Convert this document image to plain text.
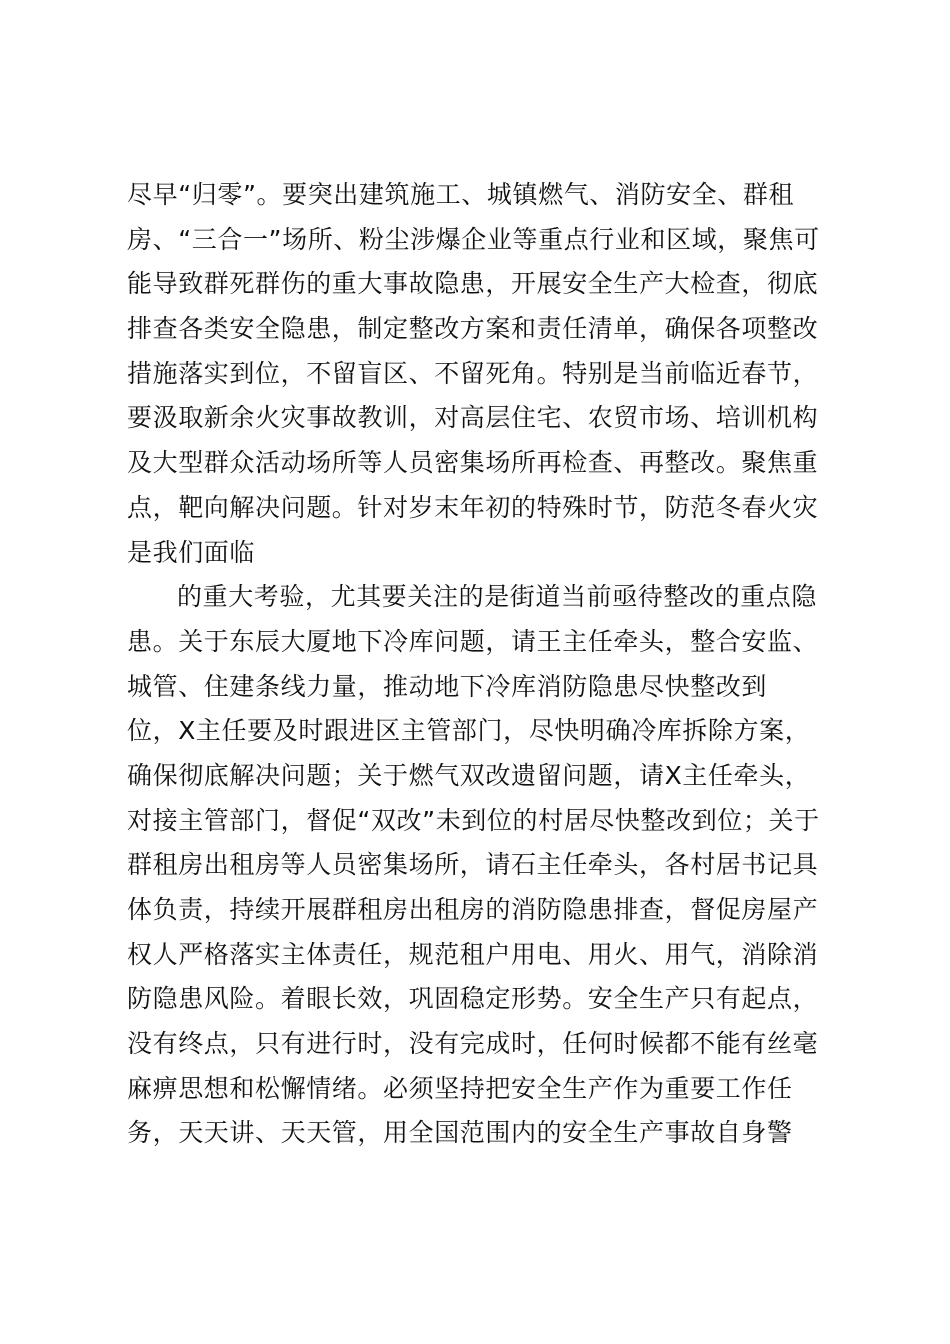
尽早“归零”。要突出建筑施工、城镇燃气、消防安全、群租
房、“三合一”场所、粉尘涉爆企业等重点行业和区域，聚焦可
能导致群死群伤的重大事故隐患，开展安全生产大检查，彻底
排查各类安全隐患，制定整改方案和责任清单，确保各项整改
措施落实到位，不留盲区、不留死角。特别是当前临近春节，
要汲取新余火灾事故教训，对高层住宅、农贸市场、培训机构
及大型群众活动场所等人员密集场所再检查、再整改。聚焦重
点，靶向解决问题。针对岁末年初的特殊时节，防范冬春火灾
是我们面临
的重大考验，尤其要关注的是街道当前亟待整改的重点隐
患。关于东辰大厦地下冷库问题，请王主任牵头，整合安监、
城管、住建条线力量，推动地下冷库消防隐患尽快整改到
位，X主任要及时跟进区主管部门，尽快明确冷库拆除方案，
确保彻底解决问题；关于燃气双改遗留问题，请X主任牵头，
对接主管部门，督促“双改”未到位的村居尽快整改到位；关于
群租房出租房等人员密集场所，请石主任牵头，各村居书记具
体负责，持续开展群租房出租房的消防隐患排查，督促房屋产
权人严格落实主体责任，规范租户用电、用火、用气，消除消
防隐患风险。着眼长效，巩固稳定形势。安全生产只有起点，
没有终点，只有进行时，没有完成时，任何时候都不能有丝毫
麻痹思想和松懈情绪。必须坚持把安全生产作为重要工作任
务，天天讲、天天管，用全国范围内的安全生产事故自身警
